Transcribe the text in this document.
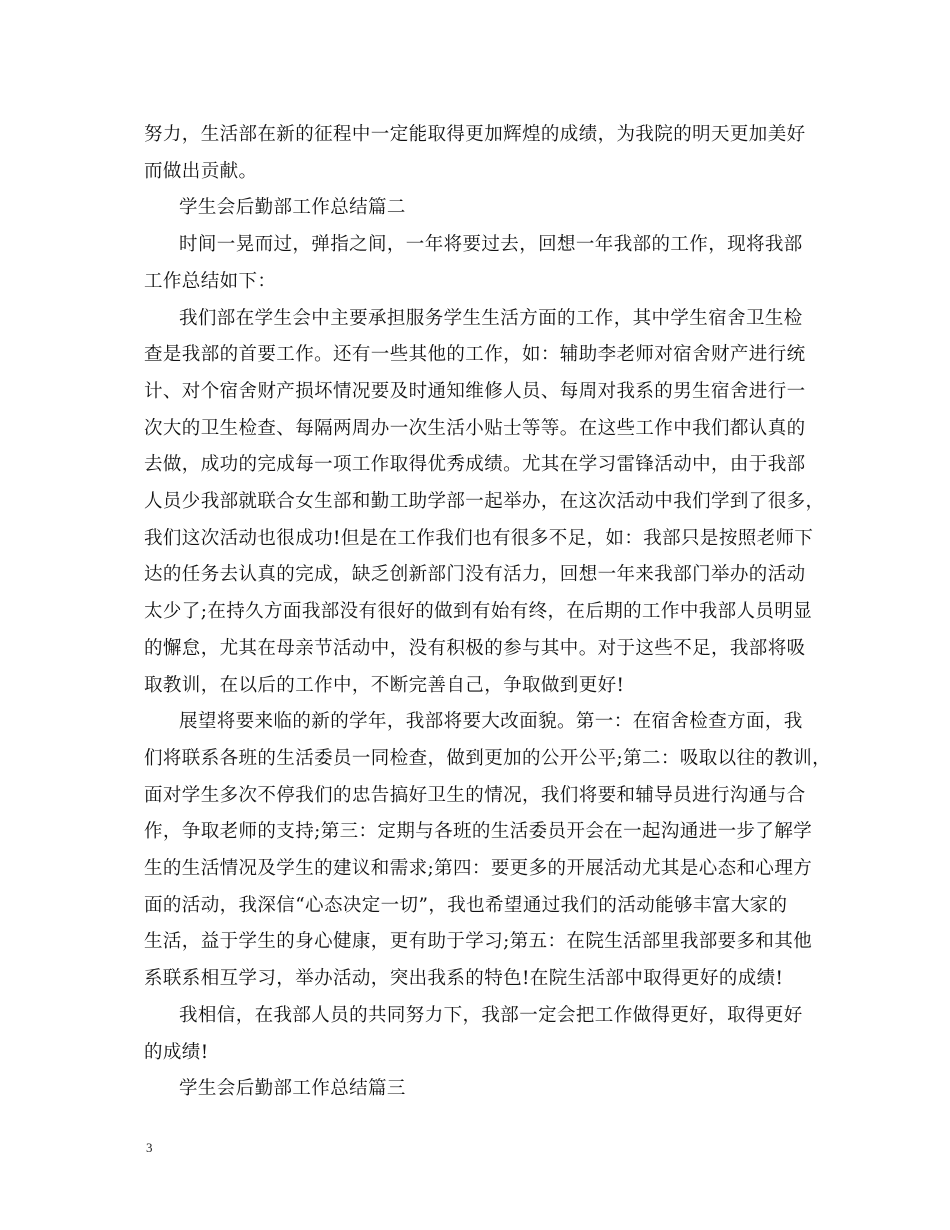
努力，生活部在新的征程中一定能取得更加辉煌的成绩，为我院的明天更加美好
而做出贡献。
学生会后勤部工作总结篇二
时间一晃而过，弹指之间，一年将要过去，回想一年我部的工作，现将我部
工作总结如下：
我们部在学生会中主要承担服务学生生活方面的工作，其中学生宿舍卫生检
查是我部的首要工作。还有一些其他的工作，如：辅助李老师对宿舍财产进行统
计、对个宿舍财产损坏情况要及时通知维修人员、每周对我系的男生宿舍进行一
次大的卫生检查、每隔两周办一次生活小贴士等等。在这些工作中我们都认真的
去做，成功的完成每一项工作取得优秀成绩。尤其在学习雷锋活动中，由于我部
人员少我部就联合女生部和勤工助学部一起举办，在这次活动中我们学到了很多，
我们这次活动也很成功!但是在工作我们也有很多不足，如：我部只是按照老师下
达的任务去认真的完成，缺乏创新部门没有活力，回想一年来我部门举办的活动
太少了;在持久方面我部没有很好的做到有始有终，在后期的工作中我部人员明显
的懈怠，尤其在母亲节活动中，没有积极的参与其中。对于这些不足，我部将吸
取教训，在以后的工作中，不断完善自己，争取做到更好!
展望将要来临的新的学年，我部将要大改面貌。第一：在宿舍检查方面，我
们将联系各班的生活委员一同检查，做到更加的公开公平;第二：吸取以往的教训，
面对学生多次不停我们的忠告搞好卫生的情况，我们将要和辅导员进行沟通与合
作，争取老师的支持;第三：定期与各班的生活委员开会在一起沟通进一步了解学
生的生活情况及学生的建议和需求;第四：要更多的开展活动尤其是心态和心理方
面的活动，我深信“心态决定一切”，我也希望通过我们的活动能够丰富大家的
生活，益于学生的身心健康，更有助于学习;第五：在院生活部里我部要多和其他
系联系相互学习，举办活动，突出我系的特色!在院生活部中取得更好的成绩!
我相信，在我部人员的共同努力下，我部一定会把工作做得更好，取得更好
的成绩!
学生会后勤部工作总结篇三
3
